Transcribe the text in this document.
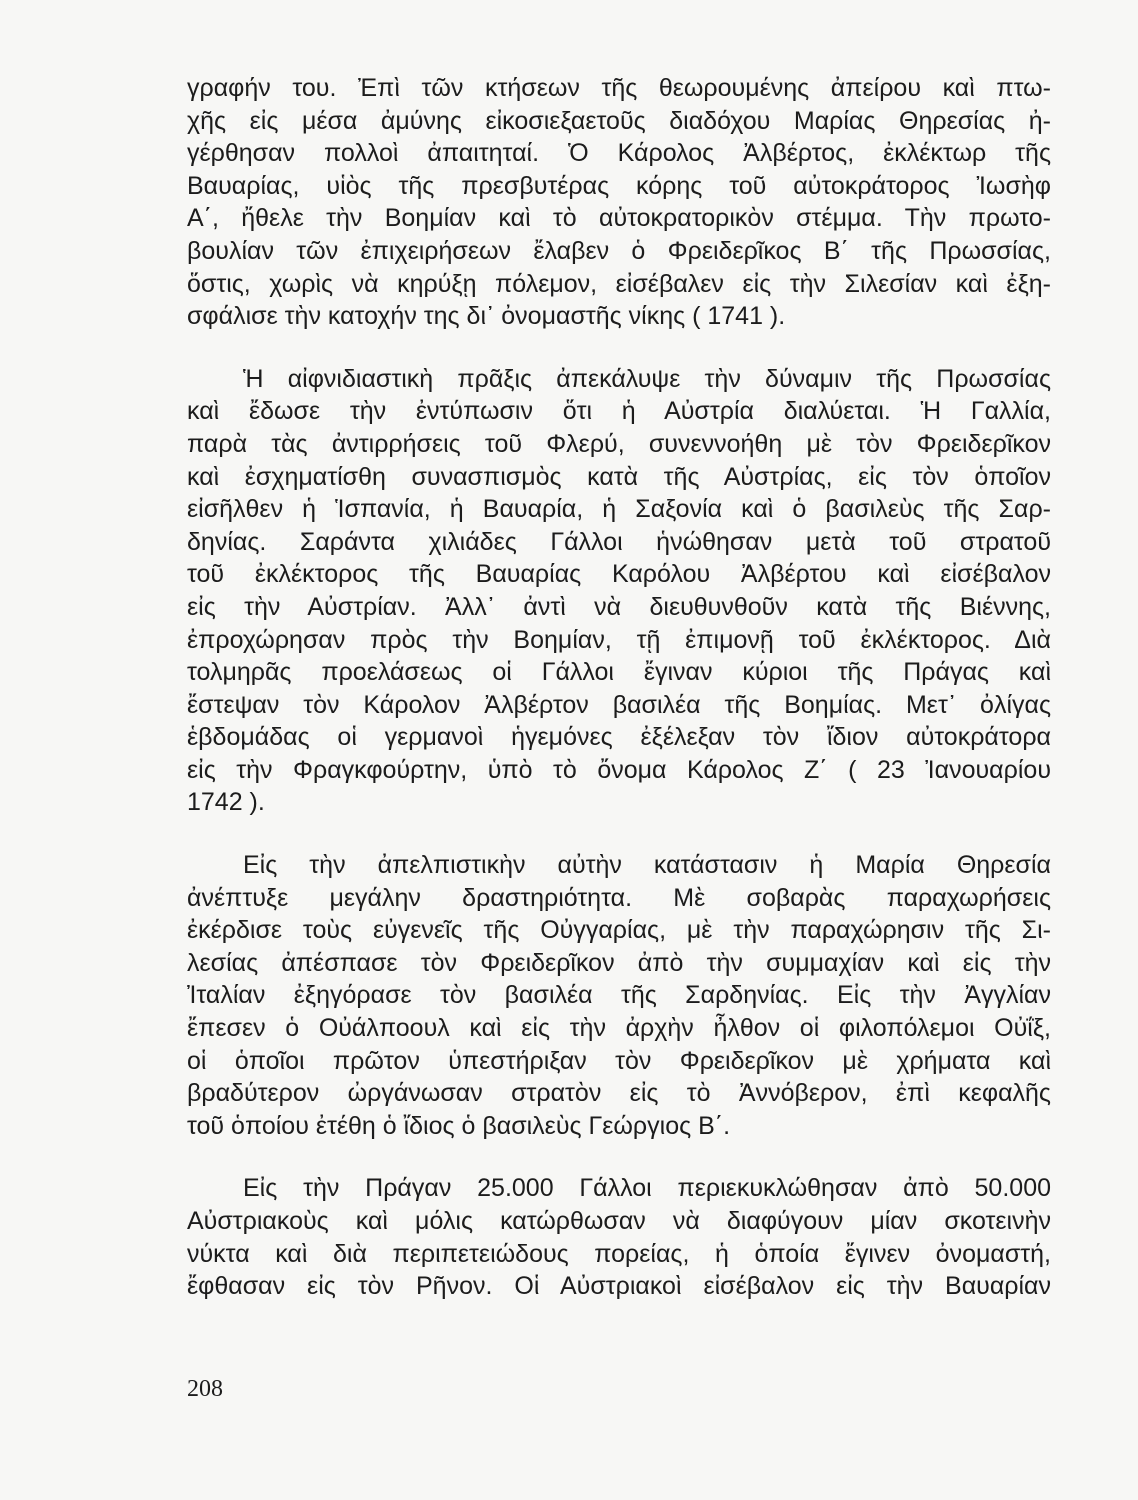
γραφήν του. Ἐπὶ τῶν κτήσεων τῆς θεωρουμένης ἀπείρου καὶ πτω-
χῆς εἰς μέσα ἀμύνης εἰκοσιεξαετοῦς διαδόχου Μαρίας Θηρεσίας ἠ-
γέρθησαν πολλοὶ ἀπαιτηταί. Ὁ Κάρολος Ἀλβέρτος, ἐκλέκτωρ τῆς
Βαυαρίας, υἱὸς τῆς πρεσβυτέρας κόρης τοῦ αὐτοκράτορος Ἰωσὴφ
Α΄, ἤθελε τὴν Βοημίαν καὶ τὸ αὐτοκρατορικὸν στέμμα. Τὴν πρωτο-
βουλίαν τῶν ἐπιχειρήσεων ἔλαβεν ὁ Φρειδερῖκος Β΄ τῆς Πρωσσίας,
ὅστις, χωρὶς νὰ κηρύξῃ πόλεμον, εἰσέβαλεν εἰς τὴν Σιλεσίαν καὶ ἐξη-
σφάλισε τὴν κατοχήν της δι᾿ ὀνομαστῆς νίκης ( 1741 ).
Ἡ αἰφνιδιαστικὴ πρᾶξις ἀπεκάλυψε τὴν δύναμιν τῆς Πρωσσίας
καὶ ἔδωσε τὴν ἐντύπωσιν ὅτι ἡ Αὐστρία διαλύεται. Ἡ Γαλλία,
παρὰ τὰς ἀντιρρήσεις τοῦ Φλερύ, συνεννοήθη μὲ τὸν Φρειδερῖκον
καὶ ἐσχηματίσθη συνασπισμὸς κατὰ τῆς Αὐστρίας, εἰς τὸν ὁποῖον
εἰσῆλθεν ἡ Ἱσπανία, ἡ Βαυαρία, ἡ Σαξονία καὶ ὁ βασιλεὺς τῆς Σαρ-
δηνίας. Σαράντα χιλιάδες Γάλλοι ἡνώθησαν μετὰ τοῦ στρατοῦ
τοῦ ἐκλέκτορος τῆς Βαυαρίας Καρόλου Ἀλβέρτου καὶ εἰσέβαλον
εἰς τὴν Αὐστρίαν. Ἀλλ᾿ ἀντὶ νὰ διευθυνθοῦν κατὰ τῆς Βιέννης,
ἐπροχώρησαν πρὸς τὴν Βοημίαν, τῇ ἐπιμονῇ τοῦ ἐκλέκτορος. Διὰ
τολμηρᾶς προελάσεως οἱ Γάλλοι ἔγιναν κύριοι τῆς Πράγας καὶ
ἔστεψαν τὸν Κάρολον Ἀλβέρτον βασιλέα τῆς Βοημίας. Μετ᾿ ὀλίγας
ἑβδομάδας οἱ γερμανοὶ ἡγεμόνες ἐξέλεξαν τὸν ἴδιον αὐτοκράτορα
εἰς τὴν Φραγκφούρτην, ὑπὸ τὸ ὄνομα Κάρολος Ζ΄ ( 23 Ἰανουαρίου
1742 ).
Εἰς τὴν ἀπελπιστικὴν αὐτὴν κατάστασιν ἡ Μαρία Θηρεσία
ἀνέπτυξε μεγάλην δραστηριότητα. Μὲ σοβαρὰς παραχωρήσεις
ἐκέρδισε τοὺς εὐγενεῖς τῆς Οὐγγαρίας, μὲ τὴν παραχώρησιν τῆς Σι-
λεσίας ἀπέσπασε τὸν Φρειδερῖκον ἀπὸ τὴν συμμαχίαν καὶ εἰς τὴν
Ἰταλίαν ἐξηγόρασε τὸν βασιλέα τῆς Σαρδηνίας. Εἰς τὴν Ἀγγλίαν
ἔπεσεν ὁ Οὐάλποουλ καὶ εἰς τὴν ἀρχὴν ἦλθον οἱ φιλοπόλεμοι Οὐΐξ,
οἱ ὁποῖοι πρῶτον ὑπεστήριξαν τὸν Φρειδερῖκον μὲ χρήματα καὶ
βραδύτερον ὠργάνωσαν στρατὸν εἰς τὸ Ἀννόβερον, ἐπὶ κεφαλῆς
τοῦ ὁποίου ἐτέθη ὁ ἴδιος ὁ βασιλεὺς Γεώργιος Β΄.
Εἰς τὴν Πράγαν 25.000 Γάλλοι περιεκυκλώθησαν ἀπὸ 50.000
Αὐστριακοὺς καὶ μόλις κατώρθωσαν νὰ διαφύγουν μίαν σκοτεινὴν
νύκτα καὶ διὰ περιπετειώδους πορείας, ἡ ὁποία ἔγινεν ὀνομαστή,
ἔφθασαν εἰς τὸν Ρῆνον. Οἱ Αὐστριακοὶ εἰσέβαλον εἰς τὴν Βαυαρίαν
208
